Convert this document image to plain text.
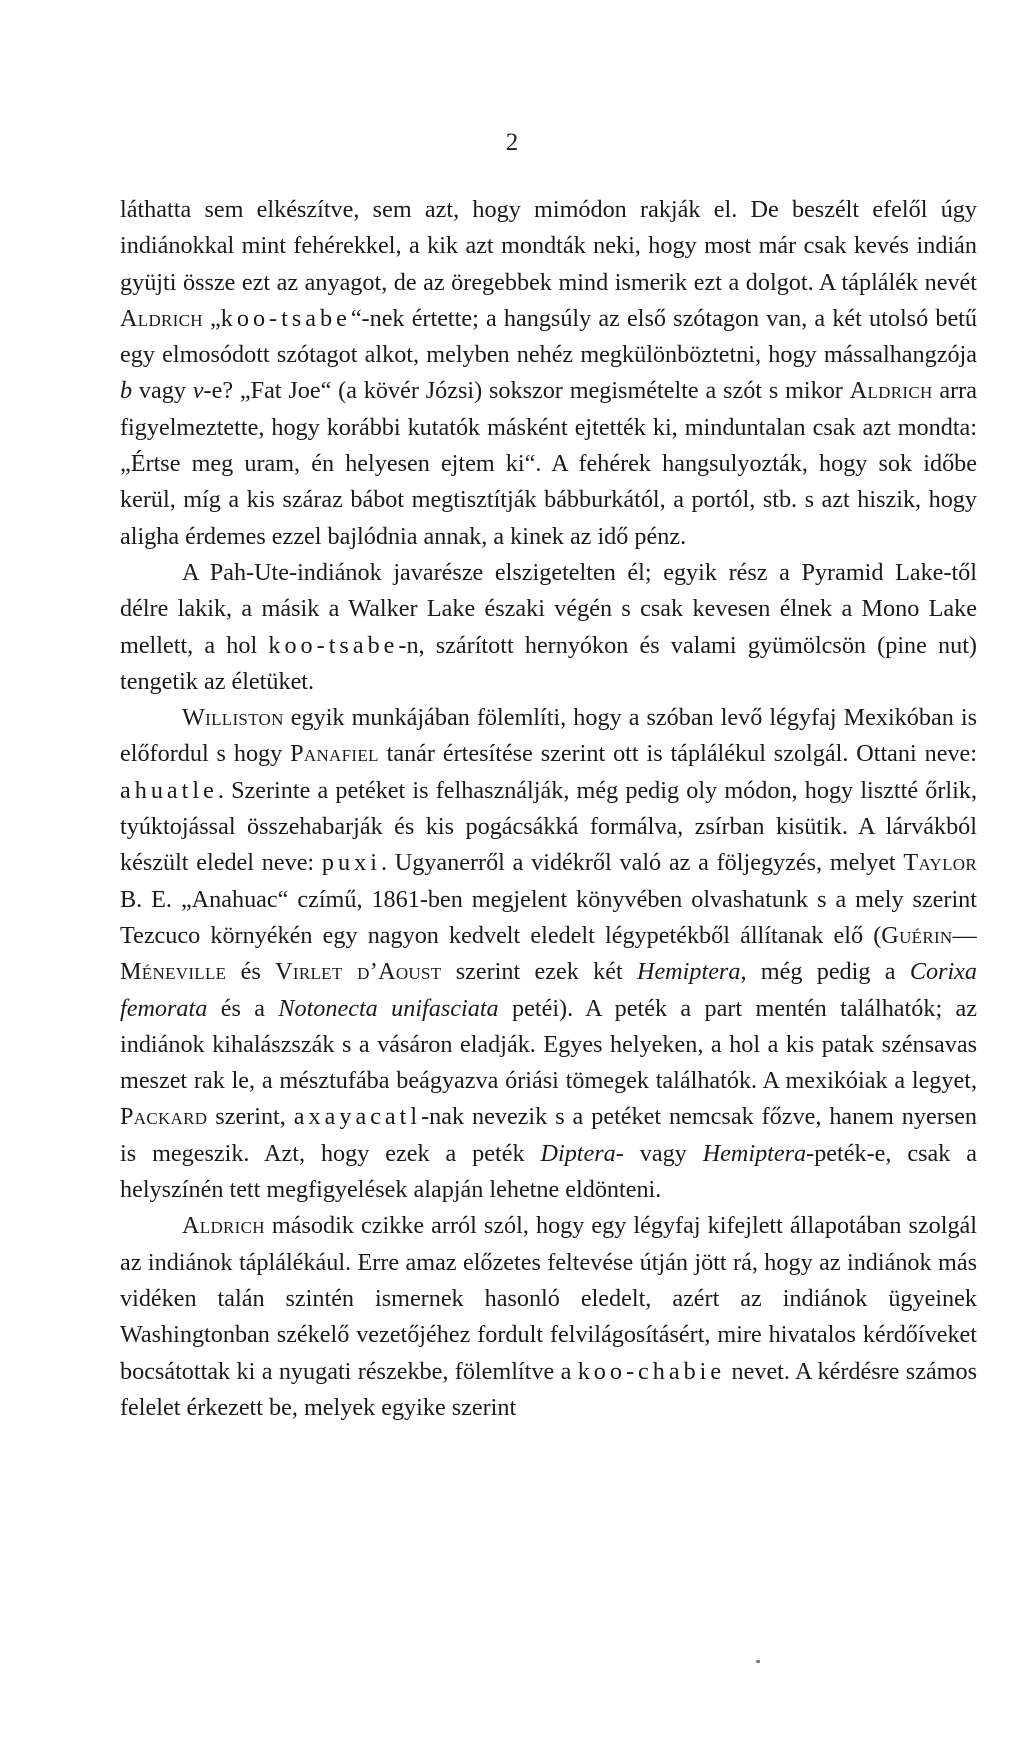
2

láthatta sem elkészítve, sem azt, hogy mimódon rakják el. De beszélt efelől úgy indiánokkal mint fehérekkel, a kik azt mondták neki, hogy most már csak kevés indián gyüjti össze ezt az anyagot, de az öregebbek mind ismerik ezt a dolgot. A táplálék nevét Aldrich „koo-tsabe“-nek értette; a hangsúly az első szótagon van, a két utolsó betű egy elmosódott szótagot alkot, melyben nehéz megkülönböztetni, hogy mássalhangzója b vagy v-e? „Fat Joe“ (a kövér Józsi) sokszor megismételte a szót s mikor Aldrich arra figyelmeztette, hogy korábbi kutatók másként ejtették ki, minduntalan csak azt mondta: „Értse meg uram, én helyesen ejtem ki“. A fehérek hangsulyozták, hogy sok időbe kerül, míg a kis száraz bábot megtisztítják bábburkától, a portól, stb. s azt hiszik, hogy aligha érdemes ezzel bajlódnia annak, a kinek az idő pénz.

A Pah-Ute-indiánok javarésze elszigetelten él; egyik rész a Pyramid Lake-től délre lakik, a másik a Walker Lake északi végén s csak kevesen élnek a Mono Lake mellett, a hol koo-tsabe-n, szárított hernyókon és valami gyümölcsön (pine nut) tengetik az életüket.

Williston egyik munkájában fölemlíti, hogy a szóban levő légyfaj Mexikóban is előfordul s hogy Panafiel tanár értesítése szerint ott is táplálékul szolgál. Ottani neve: ahuatle. Szerinte a petéket is felhasználják, még pedig oly módon, hogy lisztté őrlik, tyúktojással összehabarják és kis pogácsákká formálva, zsírban kisütik. A lárvákból készült eledel neve: puxi. Ugyanerről a vidékről való az a följegyzés, melyet Taylor B. E. „Anahuac“ czímű, 1861-ben megjelent könyvében olvashatunk s a mely szerint Tezcuco környékén egy nagyon kedvelt eledelt légypetékből állítanak elő (Guérin—Méneville és Virlet d’Aoust szerint ezek két Hemiptera, még pedig a Corixa femorata és a Notonecta unifasciata petéi). A peték a part mentén találhatók; az indiánok kihalászszák s a vásáron eladják. Egyes helyeken, a hol a kis patak szénsavas meszet rak le, a mésztufába beágyazva óriási tömegek találhatók. A mexikóiak a legyet, Packard szerint, axayacatl-nak nevezik s a petéket nemcsak főzve, hanem nyersen is megeszik. Azt, hogy ezek a peték Diptera- vagy Hemiptera-peték-e, csak a helyszínén tett megfigyelések alapján lehetne eldönteni.

Aldrich második czikke arról szól, hogy egy légyfaj kifejlett állapotában szolgál az indiánok táplálékául. Erre amaz előzetes feltevése útján jött rá, hogy az indiánok más vidéken talán szintén ismernek hasonló eledelt, azért az indiánok ügyeinek Washingtonban székelő vezetőjéhez fordult felvilágosításért, mire hivatalos kérdőíveket bocsátottak ki a nyugati részekbe, fölemlítve a koo-chabie nevet. A kérdésre számos felelet érkezett be, melyek egyike szerint
